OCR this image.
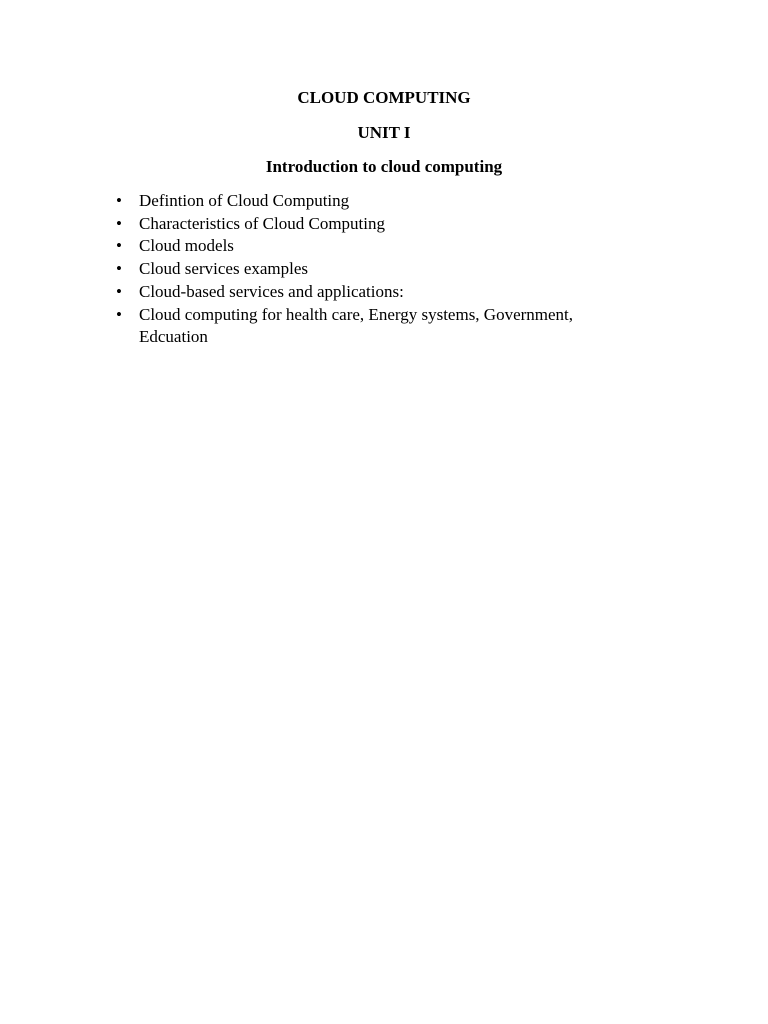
CLOUD COMPUTING
UNIT I
Introduction to cloud computing
• Defintion of Cloud Computing
• Characteristics of Cloud Computing
• Cloud models
• Cloud services examples
• Cloud-based services and applications:
• Cloud computing for health care, Energy systems, Government, Edcuation
